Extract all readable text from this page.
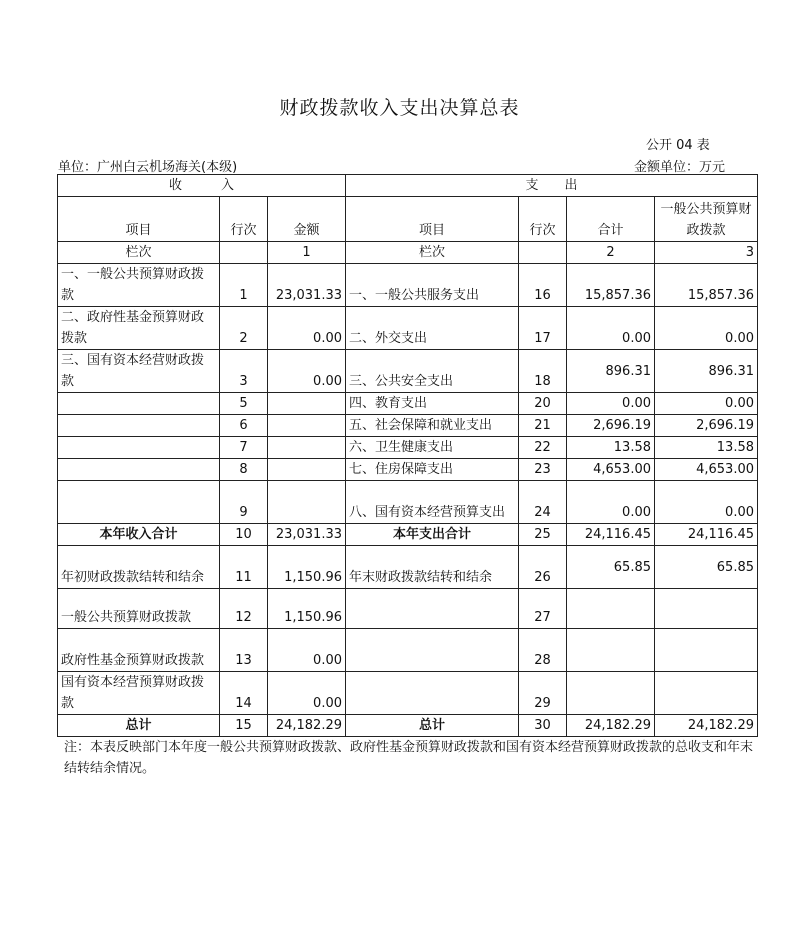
财政拨款收入支出决算总表
公开 04 表
单位：广州白云机场海关(本级)	金额单位：万元
收　　　入			支　　出			
项目	行次	金额	项目	行次	合计	一般公共预算财政拨款
栏次		1	栏次		2	3
一、一般公共预算财政拨款	1	23,031.33	一、一般公共服务支出	16	15,857.36	15,857.36
二、政府性基金预算财政拨款	2	0.00	二、外交支出	17	0.00	0.00
三、国有资本经营财政拨款	3	0.00	三、公共安全支出	18	896.31	896.31
	5		四、教育支出	20	0.00	0.00
	6		五、社会保障和就业支出	21	2,696.19	2,696.19
	7		六、卫生健康支出	22	13.58	13.58
	8		七、住房保障支出	23	4,653.00	4,653.00
	9		八、国有资本经营预算支出	24	0.00	0.00
本年收入合计	10	23,031.33	本年支出合计	25	24,116.45	24,116.45
年初财政拨款结转和结余	11	1,150.96	年末财政拨款结转和结余	26	65.85	65.85
一般公共预算财政拨款	12	1,150.96		27		
政府性基金预算财政拨款	13	0.00		28		
国有资本经营预算财政拨款	14	0.00		29		
总计	15	24,182.29	总计	30	24,182.29	24,182.29
注：本表反映部门本年度一般公共预算财政拨款、政府性基金预算财政拨款和国有资本经营预算财政拨款的总收支和年末结转结余情况。
